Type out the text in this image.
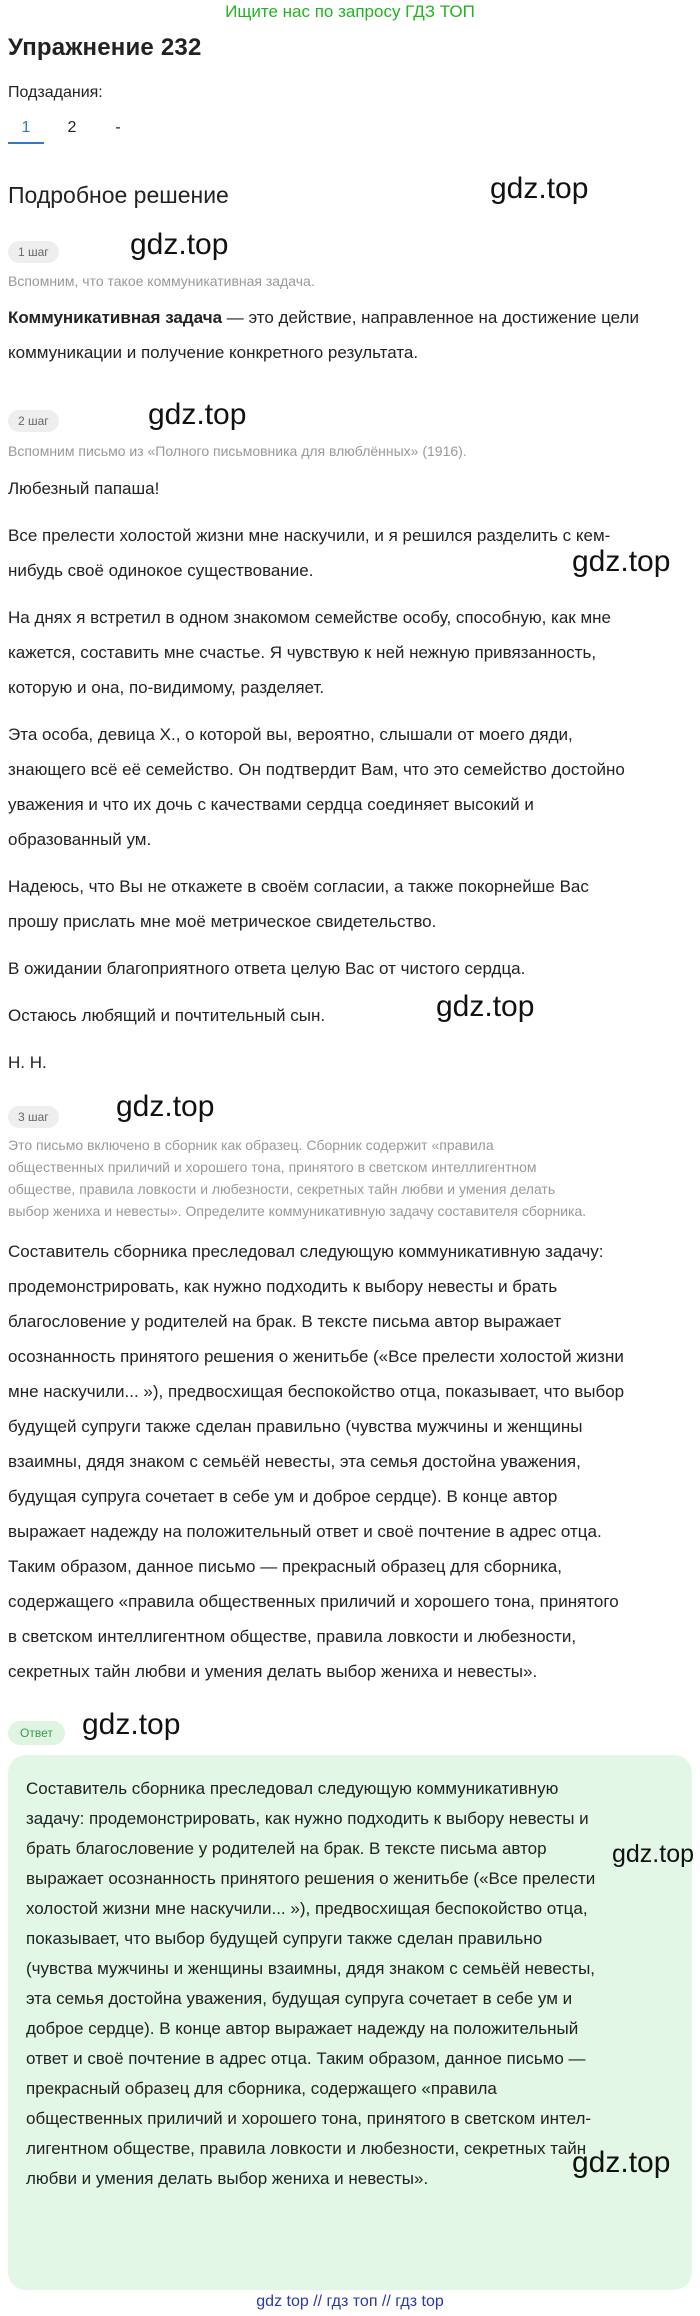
Ищите нас по запросу ГДЗ ТОП
Упражнение 232
Подзадания:
1	2	-
Подробное решение	gdz.top
1 шаг	gdz.top
Вспомним, что такое коммуникативная задача.
Коммуникативная задача — это действие, направленное на достижение цели
коммуникации и получение конкретного результата.
2 шаг	gdz.top
Вспомним письмо из «Полного письмовника для влюблённых» (1916).
Любезный папаша!
Все прелести холостой жизни мне наскучили, и я решился разделить с кем-
нибудь своё одинокое существование.	gdz.top
На днях я встретил в одном знакомом семействе особу, способную, как мне
кажется, составить мне счастье. Я чувствую к ней нежную привязанность,
которую и она, по-видимому, разделяет.
Эта особа, девица Х., о которой вы, вероятно, слышали от моего дяди,
знающего всё её семейство. Он подтвердит Вам, что это семейство достойно
уважения и что их дочь с качествами сердца соединяет высокий и
образованный ум.
Надеюсь, что Вы не откажете в своём согласии, а также покорнейше Вас
прошу прислать мне моё метрическое свидетельство.
В ожидании благоприятного ответа целую Вас от чистого сердца.
Остаюсь любящий и почтительный сын.	gdz.top
Н. Н.
3 шаг	gdz.top
Это письмо включено в сборник как образец. Сборник содержит «правила
общественных приличий и хорошего тона, принятого в светском интеллигентном
обществе, правила ловкости и любезности, секретных тайн любви и умения делать
выбор жениха и невесты». Определите коммуникативную задачу составителя сборника.
Составитель сборника преследовал следующую коммуникативную задачу:
продемонстрировать, как нужно подходить к выбору невесты и брать
благословение у родителей на брак. В тексте письма автор выражает
осознанность принятого решения о женитьбе («Все прелести холостой жизни
мне наскучили... »), предвосхищая беспокойство отца, показывает, что выбор
будущей супруги также сделан правильно (чувства мужчины и женщины
взаимны, дядя знаком с семьёй невесты, эта семья достойна уважения,
будущая супруга сочетает в себе ум и доброе сердце). В конце автор
выражает надежду на положительный ответ и своё почтение в адрес отца.
Таким образом, данное письмо — прекрасный образец для сборника,
содержащего «правила общественных приличий и хорошего тона, принятого
в светском интеллигентном обществе, правила ловкости и любезности,
секретных тайн любви и умения делать выбор жениха и невесты».
Ответ gdz.top
Составитель сборника преследовал следующую коммуникативную
задачу: продемонстрировать, как нужно подходить к выбору невесты и
брать благословение у родителей на брак. В тексте письма автор
выражает осознанность принятого решения о женитьбе («Все прелести
холостой жизни мне наскучили... »), предвосхищая беспокойство отца,
показывает, что выбор будущей супруги также сделан правильно
(чувства мужчины и женщины взаимны, дядя знаком с семьёй невесты,
эта семья достойна уважения, будущая супруга сочетает в себе ум и
доброе сердце). В конце автор выражает надежду на положительный
ответ и своё почтение в адрес отца. Таким образом, данное письмо —
прекрасный образец для сборника, содержащего «правила
общественных приличий и хорошего тона, принятого в светском интел-
лигентном обществе, правила ловкости и любезности, секретных тайн
любви и умения делать выбор жениха и невесты».
gdz.top
gdz.top
gdz top // гдз топ // гдз top
